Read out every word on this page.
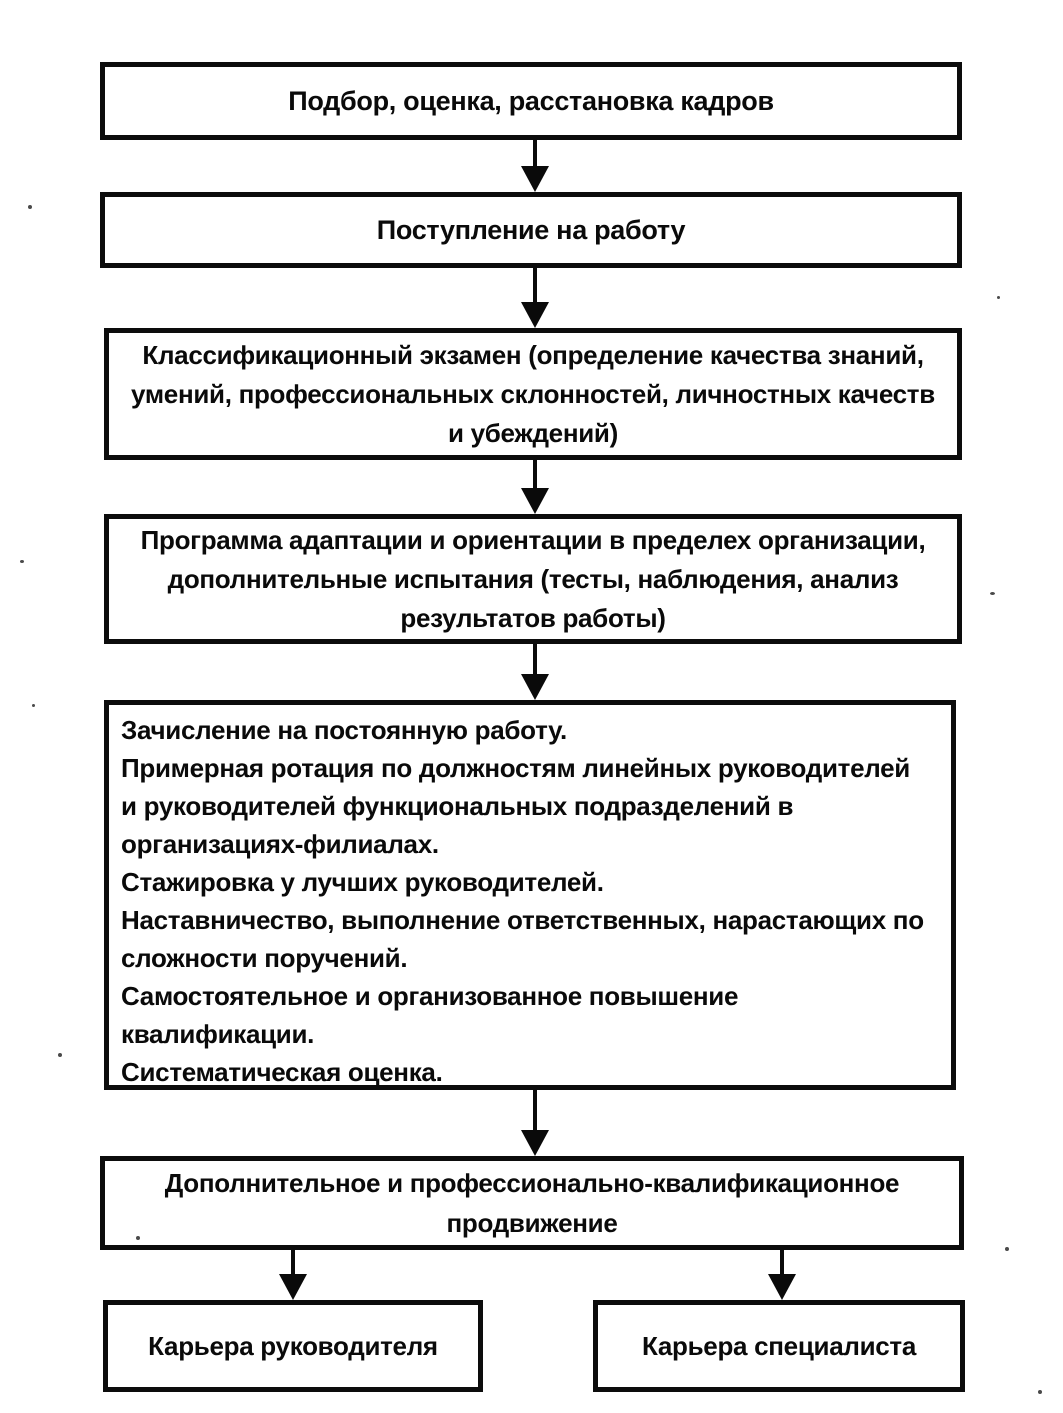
Подбор, оценка, расстановка кадров
Поступление на работу
Классификационный экзамен (определение качества знаний,
умений, профессиональных склонностей, личностных качеств
и убеждений)
Программа адаптации и ориентации в пределех организации,
дополнительные испытания (тесты, наблюдения, анализ
результатов работы)
Зачисление на постоянную работу.
Примерная ротация по должностям линейных руководителей
и руководителей функциональных подразделений в
организациях-филиалах.
Стажировка у лучших руководителей.
Наставничество, выполнение ответственных, нарастающих по
сложности поручений.
Самостоятельное и организованное повышение
квалификации.
Систематическая оценка.
Дополнительное и профессионально-квалификационное
продвижение
Карьера руководителя	Карьера специалиста
